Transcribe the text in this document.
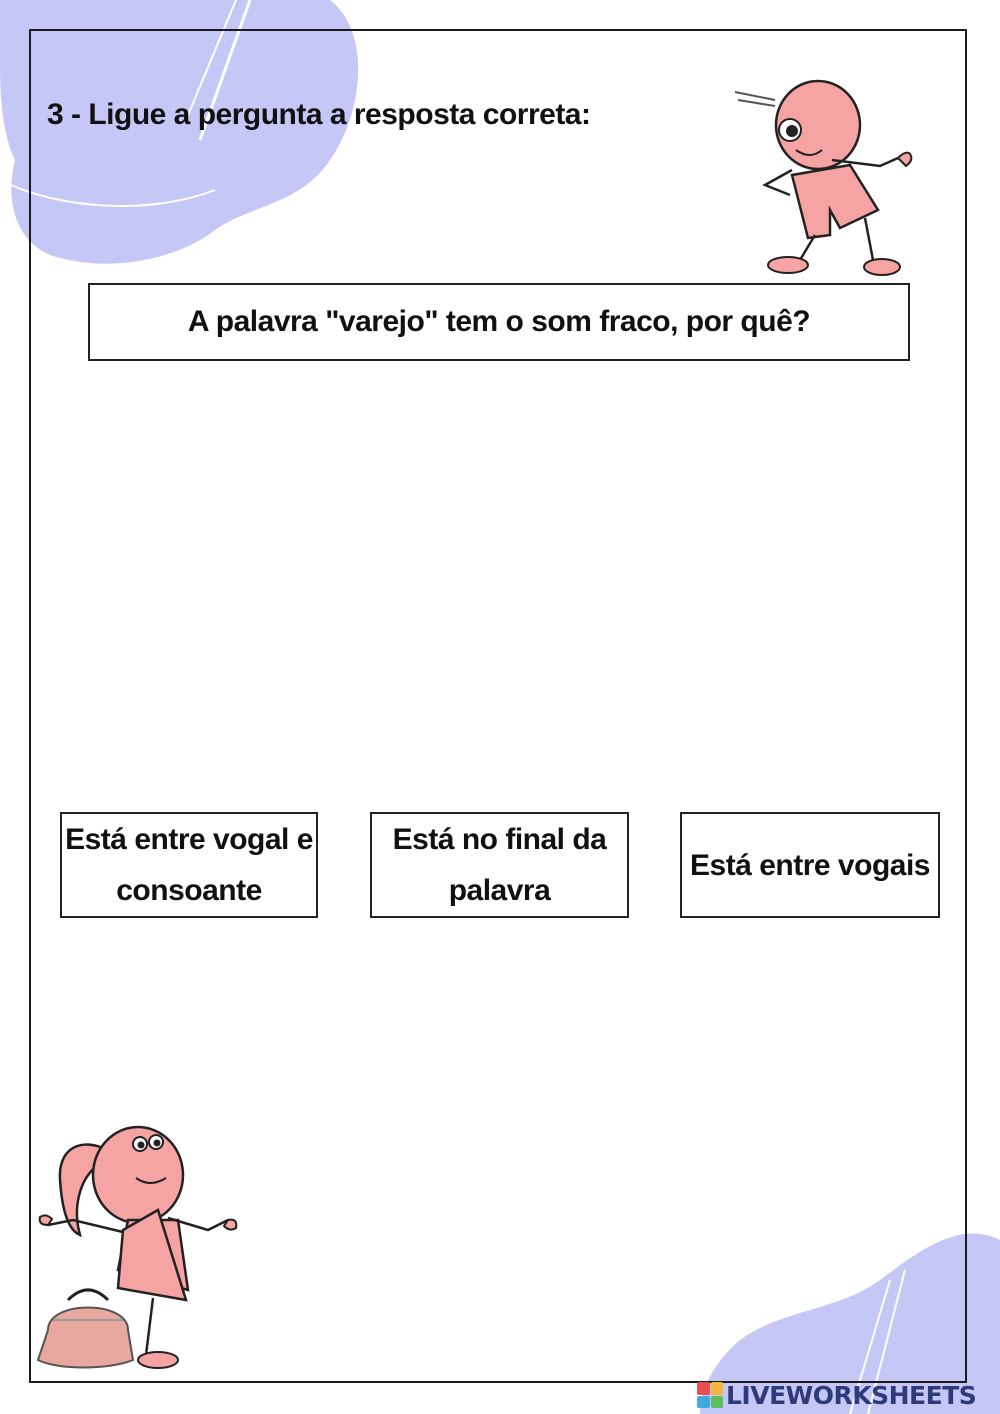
3 - Ligue a pergunta a resposta correta:
A palavra "varejo" tem o som fraco, por quê?
Está entre vogal e consoante
Está no final da palavra
Está entre vogais
LIVEWORKSHEETS
